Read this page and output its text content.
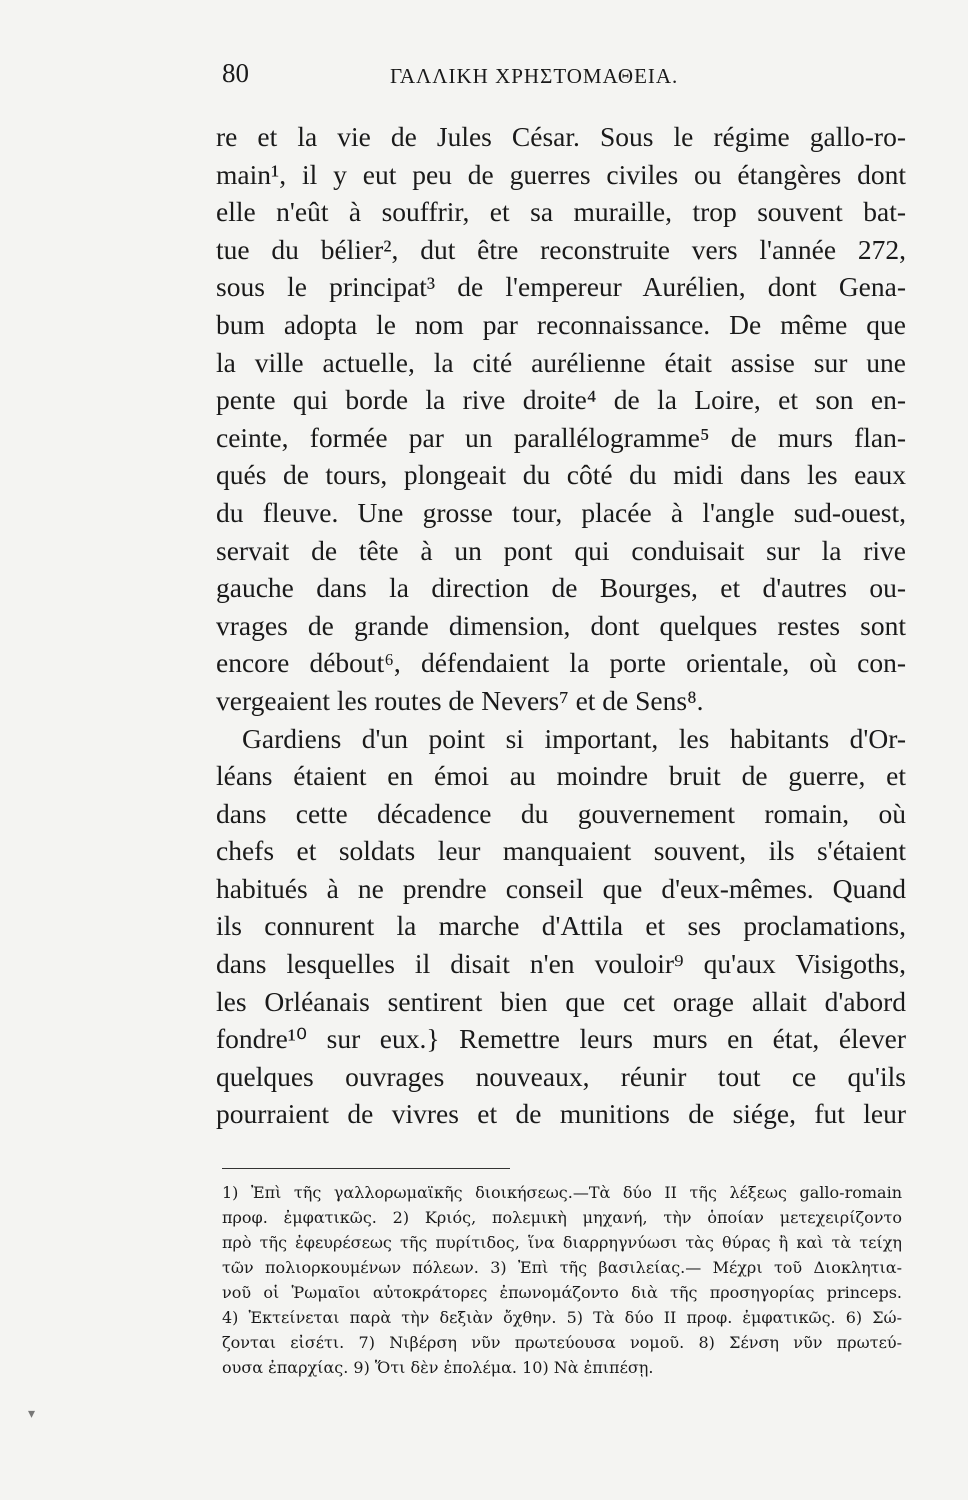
80	ΓΑΛΛΙΚΗ ΧΡΗΣΤΟΜΑΘΕΙΑ.
re et la vie de Jules César. Sous le régime gallo-ro-
main¹, il y eut peu de guerres civiles ou étangères dont
elle n'eût à souffrir, et sa muraille, trop souvent bat-
tue du bélier², dut être reconstruite vers l'année 272,
sous le principat³ de l'empereur Aurélien, dont Gena-
bum adopta le nom par reconnaissance. De même que
la ville actuelle, la cité aurélienne était assise sur une
pente qui borde la rive droite⁴ de la Loire, et son en-
ceinte, formée par un parallélogramme⁵ de murs flan-
qués de tours, plongeait du côté du midi dans les eaux
du fleuve. Une grosse tour, placée à l'angle sud-ouest,
servait de tête à un pont qui conduisait sur la rive
gauche dans la direction de Bourges, et d'autres ou-
vrages de grande dimension, dont quelques restes sont
encore débout⁶, défendaient la porte orientale, où con-
vergeaient les routes de Nevers⁷ et de Sens⁸.
Gardiens d'un point si important, les habitants d'Or-
léans étaient en émoi au moindre bruit de guerre, et
dans cette décadence du gouvernement romain, où
chefs et soldats leur manquaient souvent, ils s'étaient
habitués à ne prendre conseil que d'eux-mêmes. Quand
ils connurent la marche d'Attila et ses proclamations,
dans lesquelles il disait n'en vouloir⁹ qu'aux Visigoths,
les Orléanais sentirent bien que cet orage allait d'abord
fondre¹⁰ sur eux.} Remettre leurs murs en état, élever
quelques ouvrages nouveaux, réunir tout ce qu'ils
pourraient de vivres et de munitions de siége, fut leur
1) Ἐπὶ τῆς γαλλορωμαϊκῆς διοικήσεως.—Τὰ δύο ΙΙ τῆς λέξεως gallo-romain
προφ. ἐμφατικῶς. 2) Κριός, πολεμικὴ μηχανή, τὴν ὁποίαν μετεχειρίζοντο
πρὸ τῆς ἐφευρέσεως τῆς πυρίτιδος, ἵνα διαρρηγνύωσι τὰς θύρας ἢ καὶ τὰ τείχη
τῶν πολιορκουμένων πόλεων. 3) Ἐπὶ τῆς βασιλείας.— Μέχρι τοῦ Διοκλητια-
νοῦ οἱ Ῥωμαῖοι αὐτοκράτορες ἐπωνομάζοντο διὰ τῆς προσηγορίας princeps.
4) Ἐκτείνεται παρὰ τὴν δεξιὰν ὄχθην. 5) Τὰ δύο ΙΙ προφ. ἐμφατικῶς. 6) Σώ-
ζονται εἰσέτι. 7) Νιβέρση νῦν πρωτεύουσα νομοῦ. 8) Σένση νῦν πρωτεύ-
ουσα ἐπαρχίας. 9) Ὅτι δὲν ἐπολέμα. 10) Νὰ ἐπιπέσῃ.
▾
